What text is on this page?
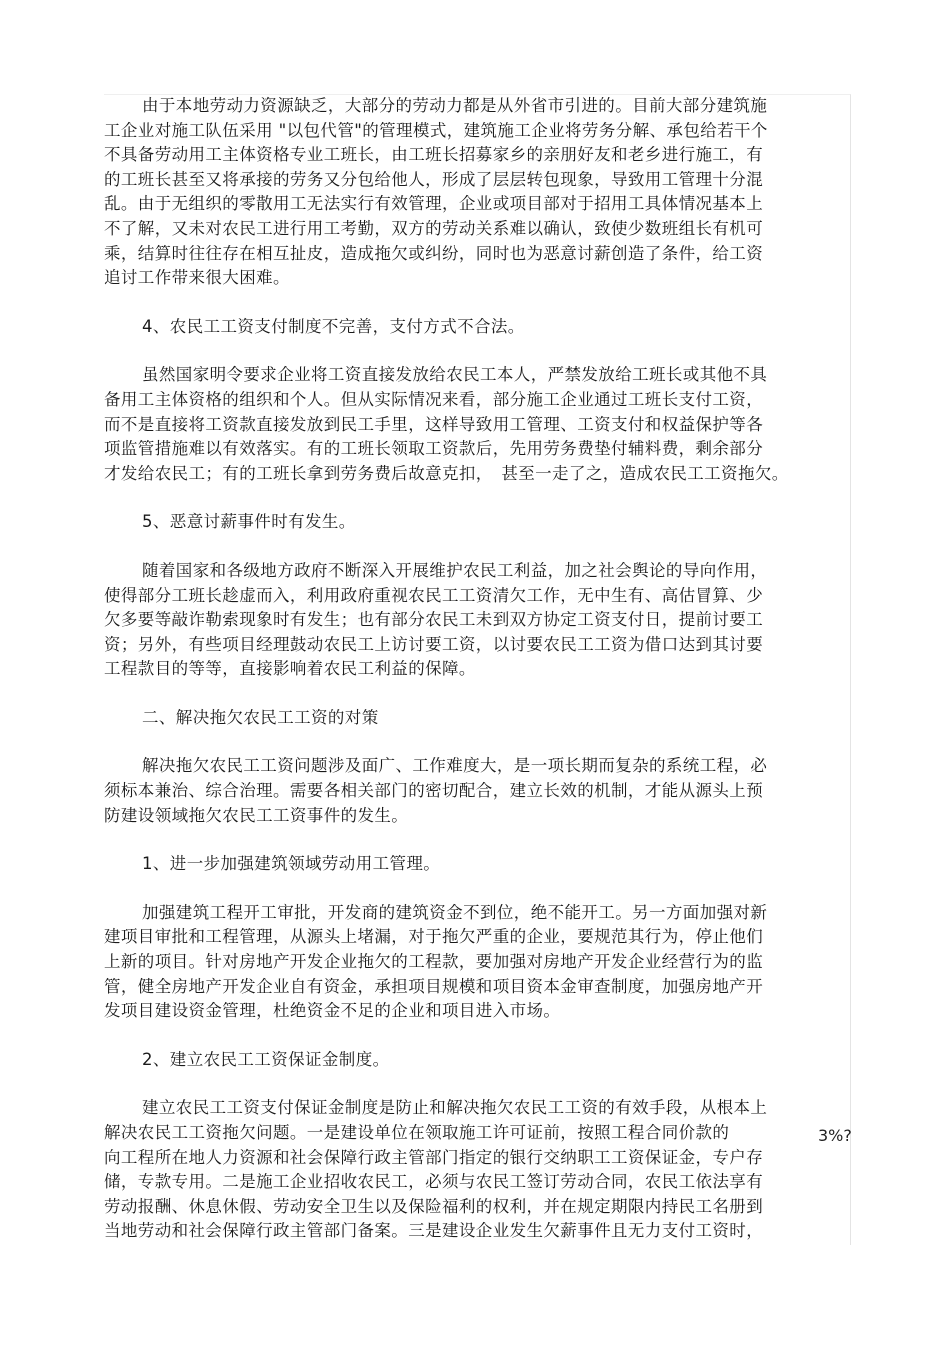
由于本地劳动力资源缺乏，大部分的劳动力都是从外省市引进的。目前大部分建筑施
工企业对施工队伍采用 "以包代管"的管理模式，建筑施工企业将劳务分解、承包给若干个
不具备劳动用工主体资格专业工班长，由工班长招募家乡的亲朋好友和老乡进行施工，有
的工班长甚至又将承接的劳务又分包给他人，形成了层层转包现象，导致用工管理十分混
乱。由于无组织的零散用工无法实行有效管理，企业或项目部对于招用工具体情况基本上
不了解，又未对农民工进行用工考勤，双方的劳动关系难以确认，致使少数班组长有机可
乘，结算时往往存在相互扯皮，造成拖欠或纠纷，同时也为恶意讨薪创造了条件，给工资
追讨工作带来很大困难。

4、农民工工资支付制度不完善，支付方式不合法。

虽然国家明令要求企业将工资直接发放给农民工本人，严禁发放给工班长或其他不具
备用工主体资格的组织和个人。但从实际情况来看，部分施工企业通过工班长支付工资，
而不是直接将工资款直接发放到民工手里，这样导致用工管理、工资支付和权益保护等各
项监管措施难以有效落实。有的工班长领取工资款后，先用劳务费垫付辅料费，剩余部分
才发给农民工；有的工班长拿到劳务费后故意克扣，　甚至一走了之，造成农民工工资拖欠。

5、恶意讨薪事件时有发生。

随着国家和各级地方政府不断深入开展维护农民工利益，加之社会舆论的导向作用，
使得部分工班长趁虚而入，利用政府重视农民工工资清欠工作，无中生有、高估冒算、少
欠多要等敲诈勒索现象时有发生；也有部分农民工未到双方协定工资支付日，提前讨要工
资；另外，有些项目经理鼓动农民工上访讨要工资，以讨要农民工工资为借口达到其讨要
工程款目的等等，直接影响着农民工利益的保障。

二、解决拖欠农民工工资的对策

解决拖欠农民工工资问题涉及面广、工作难度大，是一项长期而复杂的系统工程，必
须标本兼治、综合治理。需要各相关部门的密切配合，建立长效的机制，才能从源头上预
防建设领域拖欠农民工工资事件的发生。

1、进一步加强建筑领域劳动用工管理。

加强建筑工程开工审批，开发商的建筑资金不到位，绝不能开工。另一方面加强对新
建项目审批和工程管理，从源头上堵漏，对于拖欠严重的企业，要规范其行为，停止他们
上新的项目。针对房地产开发企业拖欠的工程款，要加强对房地产开发企业经营行为的监
管，健全房地产开发企业自有资金，承担项目规模和项目资本金审查制度，加强房地产开
发项目建设资金管理，杜绝资金不足的企业和项目进入市场。

2、建立农民工工资保证金制度。

建立农民工工资支付保证金制度是防止和解决拖欠农民工工资的有效手段，从根本上
解决农民工工资拖欠问题。一是建设单位在领取施工许可证前，按照工程合同价款的
向工程所在地人力资源和社会保障行政主管部门指定的银行交纳职工工资保证金，专户存
储，专款专用。二是施工企业招收农民工，必须与农民工签订劳动合同，农民工依法享有
劳动报酬、休息休假、劳动安全卫生以及保险福利的权利，并在规定期限内持民工名册到
当地劳动和社会保障行政主管部门备案。三是建设企业发生欠薪事件且无力支付工资时，

3%?
